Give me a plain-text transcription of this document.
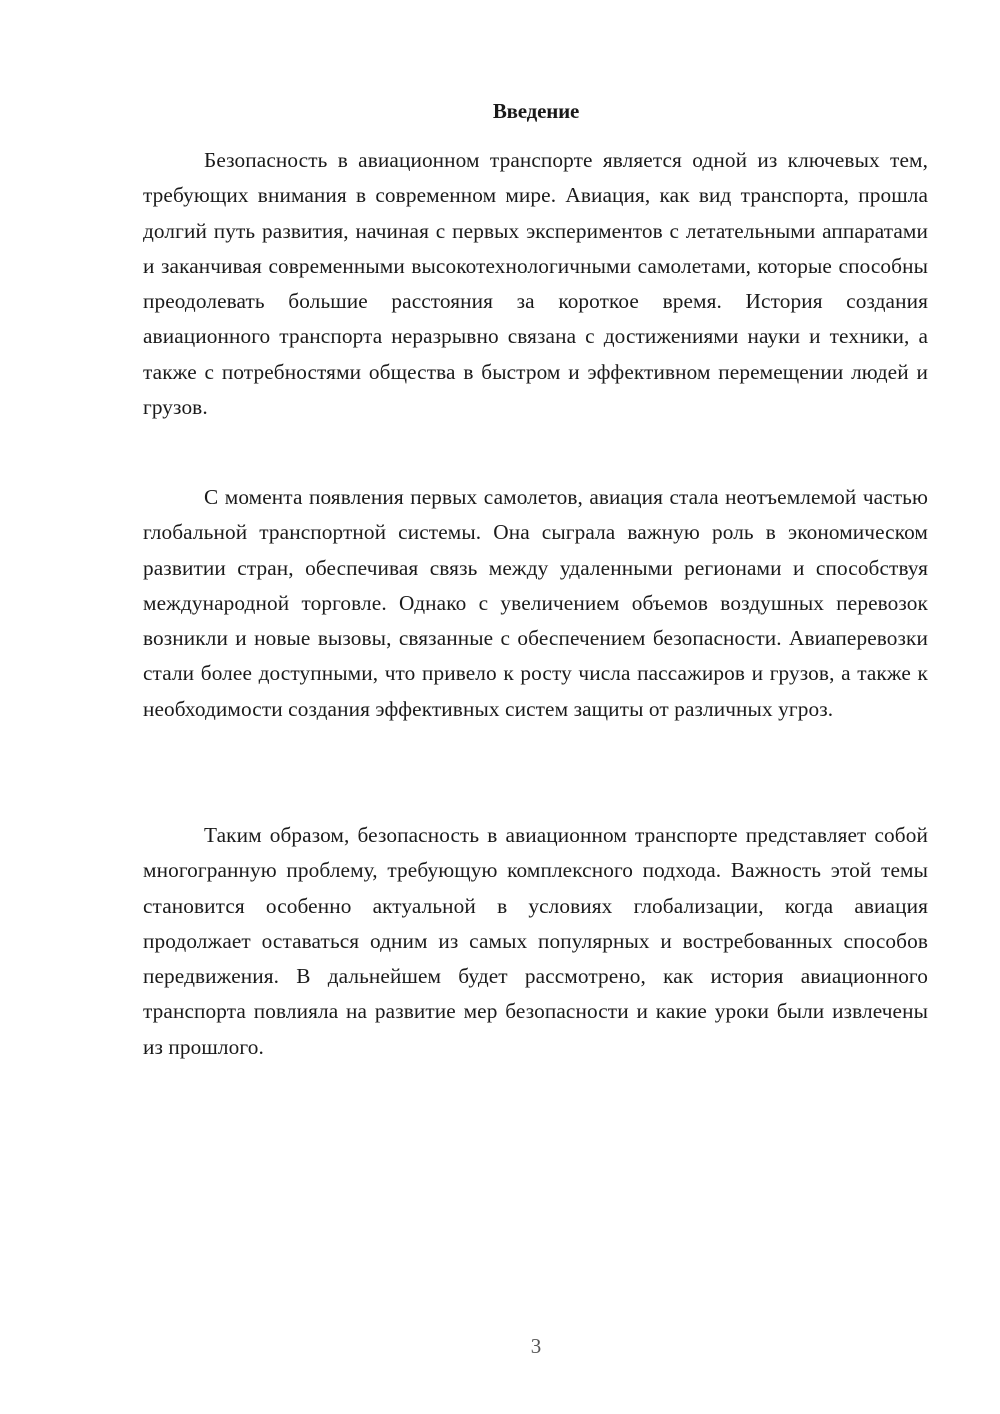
Введение

Безопасность в авиационном транспорте является одной из ключевых тем, требующих внимания в современном мире. Авиация, как вид транспорта, прошла долгий путь развития, начиная с первых экспериментов с летательными аппаратами и заканчивая современными высокотехнологичными самолетами, которые способны преодолевать большие расстояния за короткое время. История создания авиационного транспорта неразрывно связана с достижениями науки и техники, а также с потребностями общества в быстром и эффективном перемещении людей и грузов.

С момента появления первых самолетов, авиация стала неотъемлемой частью глобальной транспортной системы. Она сыграла важную роль в экономическом развитии стран, обеспечивая связь между удаленными регионами и способствуя международной торговле. Однако с увеличением объемов воздушных перевозок возникли и новые вызовы, связанные с обеспечением безопасности. Авиаперевозки стали более доступными, что привело к росту числа пассажиров и грузов, а также к необходимости создания эффективных систем защиты от различных угроз.

Таким образом, безопасность в авиационном транспорте представляет собой многогранную проблему, требующую комплексного подхода. Важность этой темы становится особенно актуальной в условиях глобализации, когда авиация продолжает оставаться одним из самых популярных и востребованных способов передвижения. В дальнейшем будет рассмотрено, как история авиационного транспорта повлияла на развитие мер безопасности и какие уроки были извлечены из прошлого.

3
